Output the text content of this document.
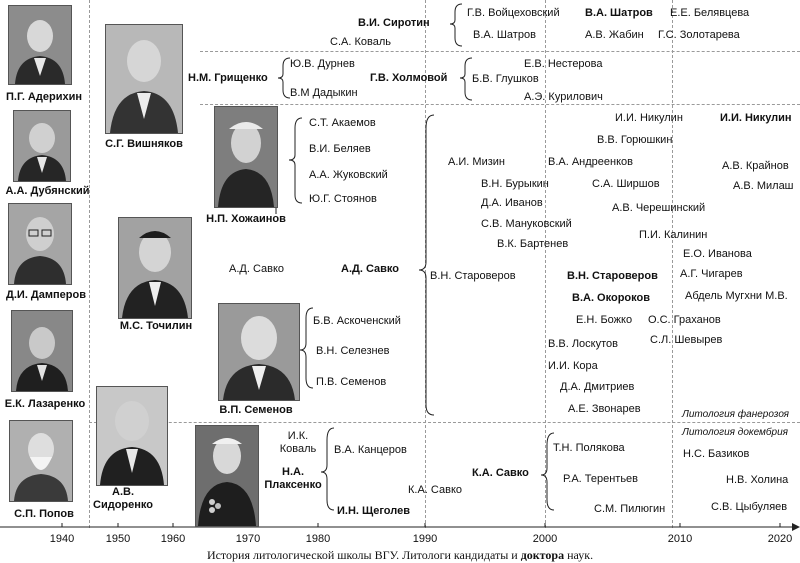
1940	1950	1960	1970	1980	1990	2000	2010	2020
История литологической школы ВГУ. Литологи кандидаты и доктора наук.
П.Г. Адерихин
А.А. Дубянский
Д.И. Дамперов
Е.К. Лазаренко
С.П. Попов
С.Г. Вишняков
Н.П. Хожаинов
М.С. Точилин
В.П. Семенов
А.В. Сидоренко
Н.А. Плаксенко
И.Н. Щеголев
В.И. Сиротин
С.А. Коваль
Г.В. Войцеховский В.А. Шатров Е.Е. Белявцева
В.А. Шатров	А.В. Жабин Г.С. Золотарева
Н.М. Грищенко
Ю.В. Дурнев
В.М Дадыкин
Г.В. Холмовой
Е.В. Нестерова
Б.В. Глушков
А.Э. Курилович
С.Т. Акаемов
В.И. Беляев
А.А. Жуковский
Ю.Г. Стоянов
А.Д. Савко	А.Д. Савко
В.Н. Староверов
И.И. Никулин	И.И. Никулин
В.В. Горюшкин
А.И. Мизин	В.А. Андреенков	А.В. Крайнов
В.Н. Бурыкин	С.А. Ширшов	А.В. Милаш
Д.А. Иванов	А.В. Черешинский
С.В. Мануковский
В.К. Бартенев
П.И. Калинин
Е.О. Иванова
В.Н. Староверов А.Г. Чигарев
В.А. Окороков	Абдель Мугхни М.В.
Е.Н. Божко О.С. Граханов
В.В. Лоскутов	С.Л. Шевырев
И.И. Кора
Д.А. Дмитриев
А.Е. Звонарев
Б.В. Аскоченский
В.Н. Селезнев
П.В. Семенов
Литология фанерозоя
Литология докембрия
И.К.
Коваль В.А. Канцеров
К.А. Савко
К.А. Савко
Т.Н. Полякова	Н.С. Базиков
Р.А. Терентьев	Н.В. Холина
С.М. Пилюгин	С.В. Цыбуляев
